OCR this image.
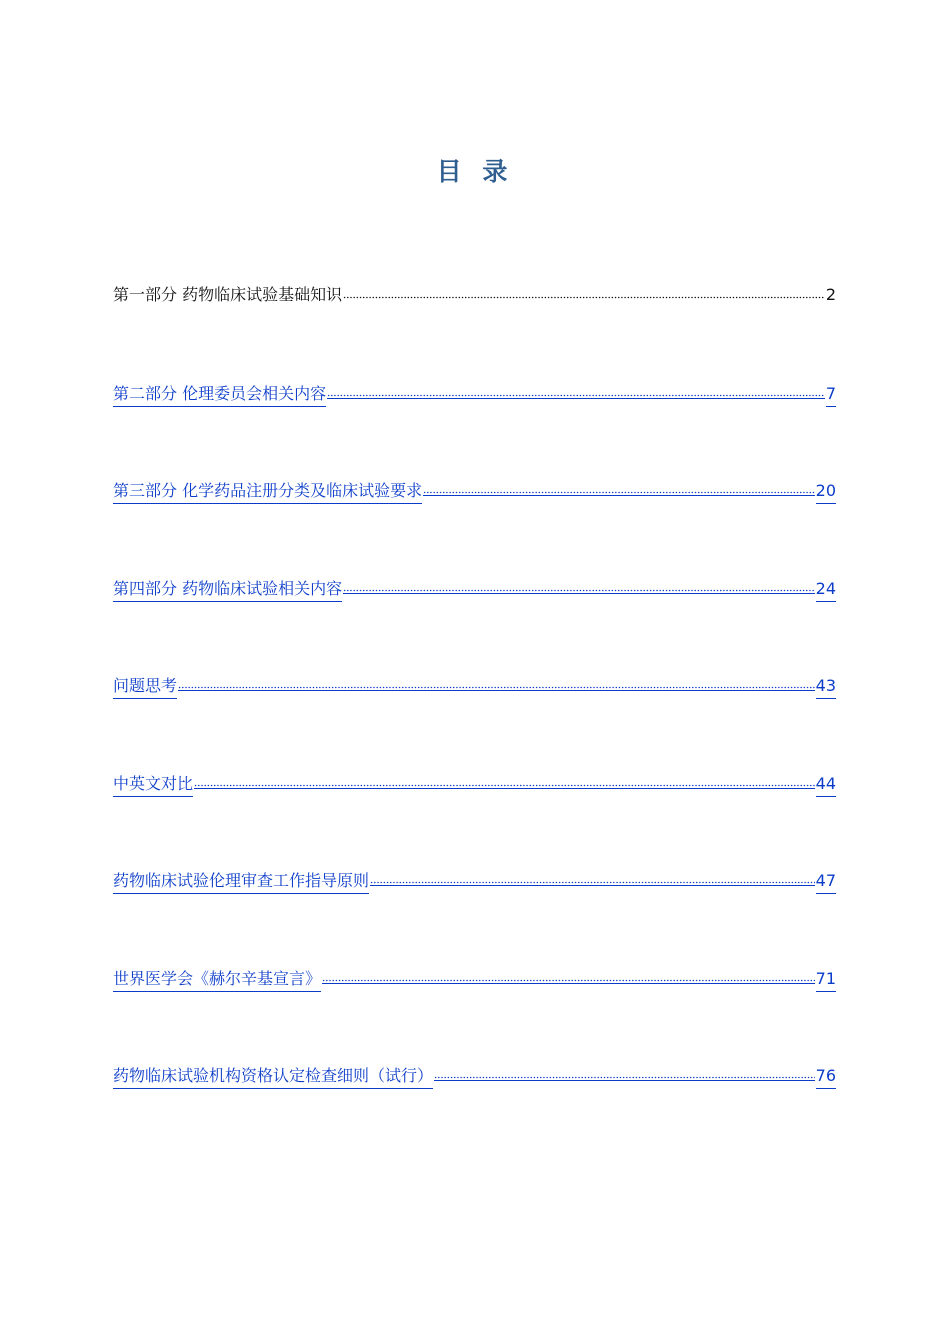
目 录
第一部分 药物临床试验基础知识	2
第二部分 伦理委员会相关内容	7
第三部分 化学药品注册分类及临床试验要求	20
第四部分 药物临床试验相关内容	24
问题思考	43
中英文对比	44
药物临床试验伦理审查工作指导原则	47
世界医学会《赫尔辛基宣言》	71
药物临床试验机构资格认定检查细则（试行）	76
